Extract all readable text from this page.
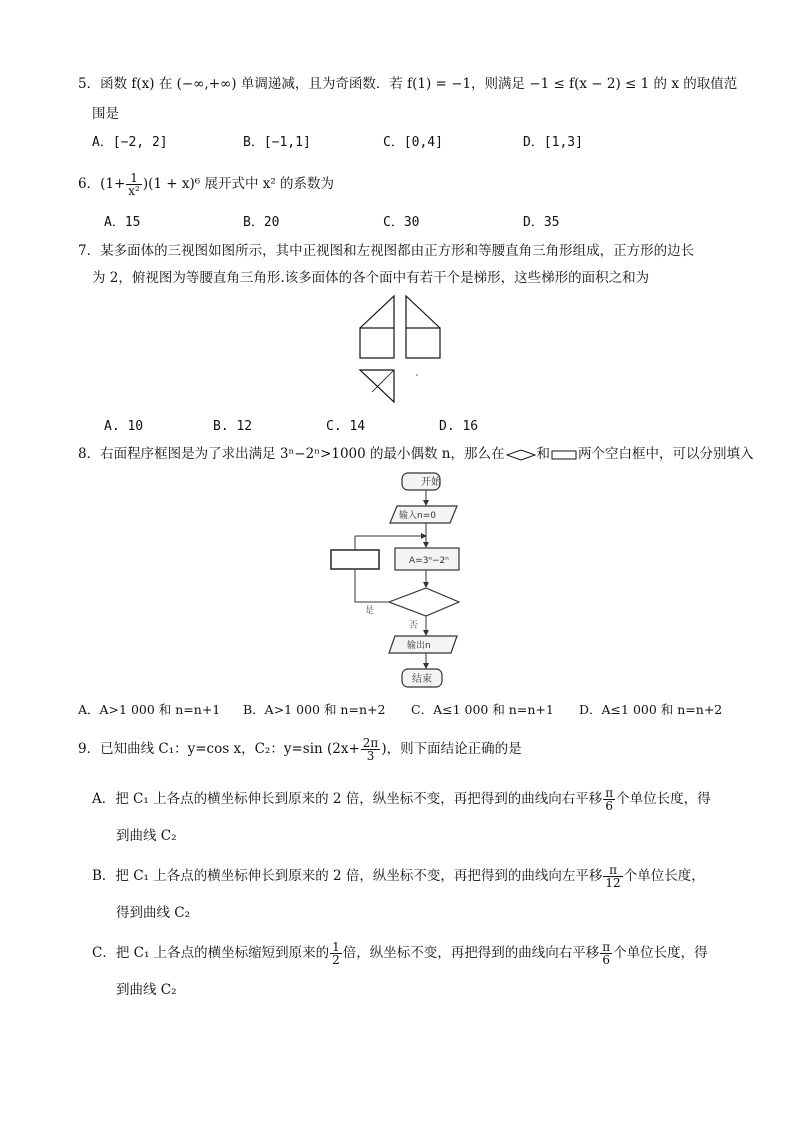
5．函数 f(x) 在 (−∞,+∞) 单调递减，且为奇函数．若 f(1) = −1，则满足 −1 ≤ f(x − 2) ≤ 1 的 x 的取值范
围是
A．[−2, 2]	B．[−1,1]	C．[0,4]	D．[1,3]
6．$(1+ \frac{1}{\text{x²}} )(1 + x)^6$ 展开式中 x² 的系数为
A．15	B．20	C．30	D．35
7．某多面体的三视图如图所示，其中正视图和左视图都由正方形和等腰直角三角形组成，正方形的边长
为 2，俯视图为等腰直角三角形.该多面体的各个面中有若干个是梯形，这些梯形的面积之和为
A. 10	B. 12	C. 14	D. 16
8．右面程序框图是为了求出满足 3ⁿ−2ⁿ>1000 的最小偶数 n，那么在 和 两个空白框中，可以分别填入
开始
输入n=0
A=3ⁿ−2ⁿ
是
否
输出n
结束
A．A>1 000 和 n=n+1 B．A>1 000 和 n=n+2 C．A≤1 000 和 n=n+1 D．A≤1 000 和 n=n+2
9．已知曲线 C₁：y=cos x，C₂：y=sin ($2x+ \frac{2\pi}{3}$ )，则下面结论正确的是
A．把 C₁ 上各点的横坐标伸长到原来的 2 倍，纵坐标不变，再把得到的曲线向右平移 $\frac{\pi}{6}$ 个单位长度，得
到曲线 C₂
B．把 C₁ 上各点的横坐标伸长到原来的 2 倍，纵坐标不变，再把得到的曲线向左平移 $\frac{\pi}{12}$ 个单位长度，
得到曲线 C₂
C．把 C₁ 上各点的横坐标缩短到原来的 $\frac{1}{2}$ 倍，纵坐标不变，再把得到的曲线向右平移 $\frac{\pi}{6}$ 个单位长度，得
到曲线 C₂
